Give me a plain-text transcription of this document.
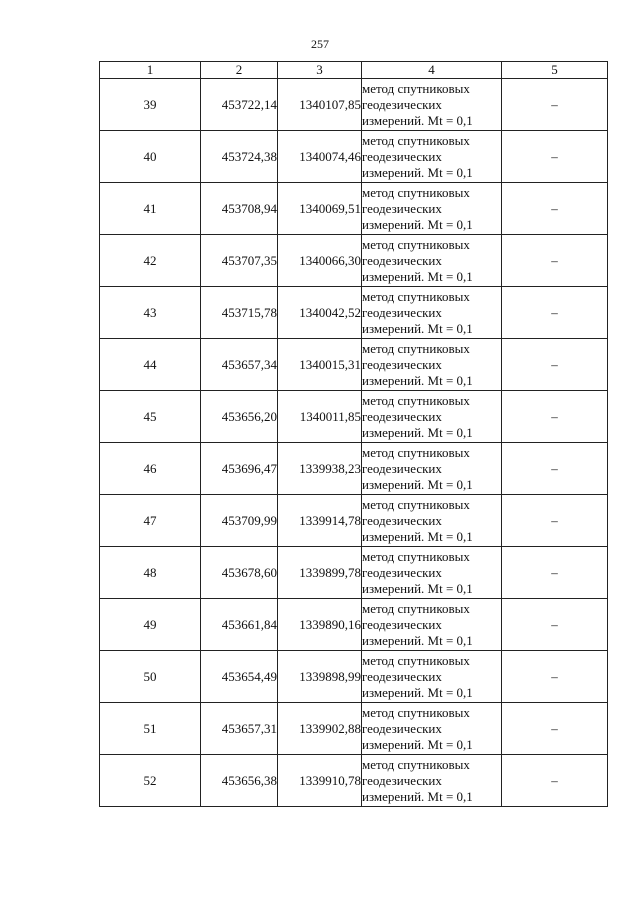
257
1	2	3	4	5
39	453722,14	1340107,85	метод спутниковых
геодезических
измерений. Mt = 0,1	–
40	453724,38	1340074,46	метод спутниковых
геодезических
измерений. Mt = 0,1	–
41	453708,94	1340069,51	метод спутниковых
геодезических
измерений. Mt = 0,1	–
42	453707,35	1340066,30	метод спутниковых
геодезических
измерений. Mt = 0,1	–
43	453715,78	1340042,52	метод спутниковых
геодезических
измерений. Mt = 0,1	–
44	453657,34	1340015,31	метод спутниковых
геодезических
измерений. Mt = 0,1	–
45	453656,20	1340011,85	метод спутниковых
геодезических
измерений. Mt = 0,1	–
46	453696,47	1339938,23	метод спутниковых
геодезических
измерений. Mt = 0,1	–
47	453709,99	1339914,78	метод спутниковых
геодезических
измерений. Mt = 0,1	–
48	453678,60	1339899,78	метод спутниковых
геодезических
измерений. Mt = 0,1	–
49	453661,84	1339890,16	метод спутниковых
геодезических
измерений. Mt = 0,1	–
50	453654,49	1339898,99	метод спутниковых
геодезических
измерений. Mt = 0,1	–
51	453657,31	1339902,88	метод спутниковых
геодезических
измерений. Mt = 0,1	–
52	453656,38	1339910,78	метод спутниковых
геодезических
измерений. Mt = 0,1	–
